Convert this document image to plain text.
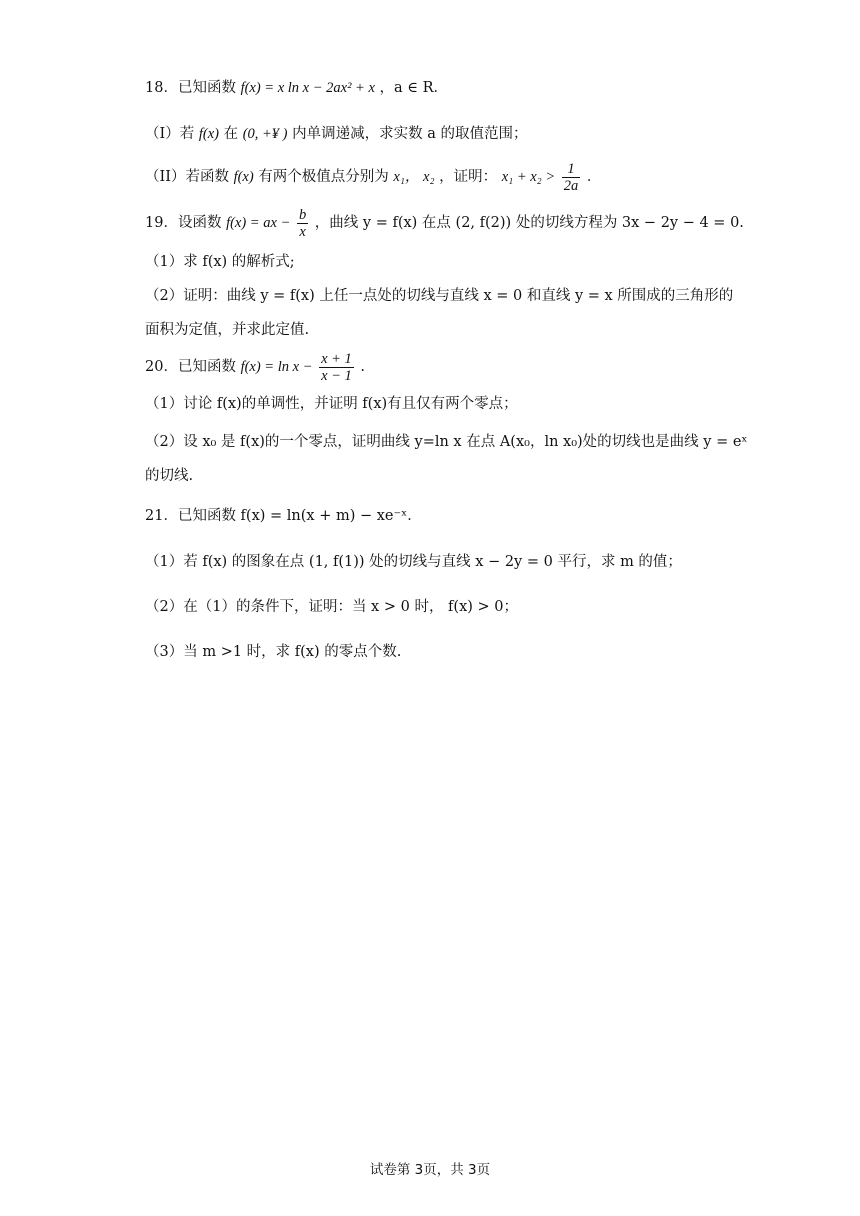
18．已知函数 f(x) = x ln x − 2ax² + x ，a ∈ R．
（I）若 f(x) 在 (0, +¥ ) 内单调递减，求实数 a 的取值范围；
（II）若函数 f(x) 有两个极值点分别为 x₁， x₂ ，证明： $x_1 + x_2 > \frac{1}{2a}$ ．
19．设函数 f(x) = ax − $\frac{b}{x}$ ，曲线 y = f(x) 在点 (2, f(2)) 处的切线方程为 3x − 2y − 4 = 0.
（1）求 f(x) 的解析式;
（2）证明：曲线 y = f(x) 上任一点处的切线与直线 x = 0 和直线 y = x 所围成的三角形的
面积为定值，并求此定值.
20．已知函数 $f(x) = \ln x - \frac{x + 1}{x - 1}$ .
（1）讨论 f(x)的单调性，并证明 f(x)有且仅有两个零点；
（2）设 x₀ 是 f(x)的一个零点，证明曲线 y=ln x 在点 A(x₀，ln x₀)处的切线也是曲线 y = eˣ
的切线.
21．已知函数 f(x) = ln(x + m) − xe⁻ˣ．
（1）若 f(x) 的图象在点 (1, f(1)) 处的切线与直线 x − 2y = 0 平行，求 m 的值；
（2）在（1）的条件下，证明：当 x > 0 时， f(x) > 0；
（3）当 m >1 时，求 f(x) 的零点个数.
试卷第 3页，共 3页
